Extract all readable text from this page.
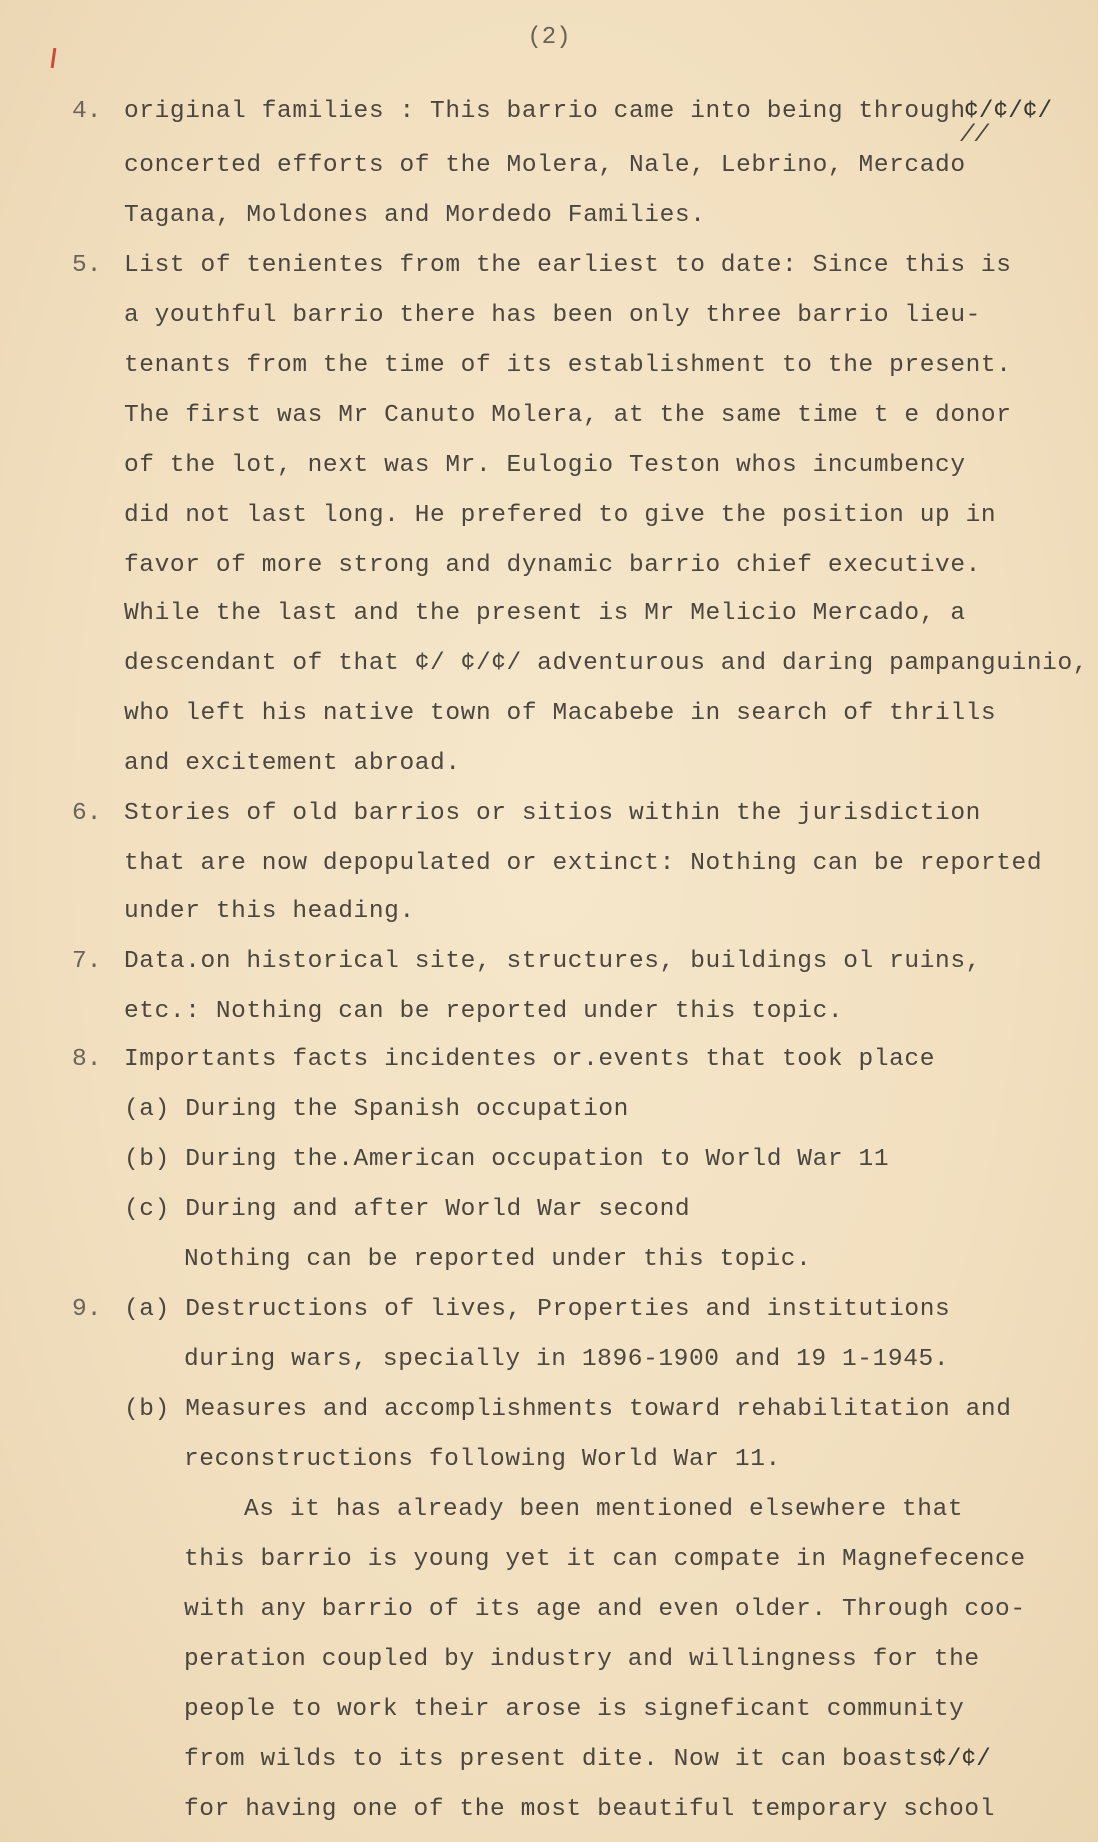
(2)
//
4. original families : This barrio came into being through
¢/¢/¢/
concerted efforts of the Molera, Nale, Lebrino, Mercado
Tagana, Moldones and Mordedo Families.
5. List of tenientes from the earliest to date: Since this is
a youthful barrio there has been only three barrio lieu-
tenants from the time of its establishment to the present.
The first was Mr Canuto Molera, at the same time t e donor
of the lot, next was Mr. Eulogio Teston whos incumbency
did not last long. He prefered to give the position up in
favor of more strong and dynamic barrio chief executive.
While the last and the present is Mr Melicio Mercado, a
descendant of that ¢/ ¢/¢/ adventurous and daring pampanguinio,
who left his native town of Macabebe in search of thrills
and excitement abroad.
6. Stories of old barrios or sitios within the jurisdiction
that are now depopulated or extinct: Nothing can be reported
under this heading.
7. Data.on historical site, structures, buildings ol ruins,
etc.: Nothing can be reported under this topic.
8. Importants facts incidentes or.events that took place
(a) During the Spanish occupation
(b) During the.American occupation to World War 11
(c) During and after World War second
Nothing can be reported under this topic.
9. (a) Destructions of lives, Properties and institutions
during wars, specially in 1896-1900 and 19 1-1945.
(b) Measures and accomplishments toward rehabilitation and
reconstructions following World War 11.
As it has already been mentioned elsewhere that
this barrio is young yet it can compate in Magnefecence
with any barrio of its age and even older. Through coo-
peration coupled by industry and willingness for the
people to work their arose is signeficant community
from wilds to its present dite. Now it can boasts
¢/¢/
for having one of the most beautiful temporary school
